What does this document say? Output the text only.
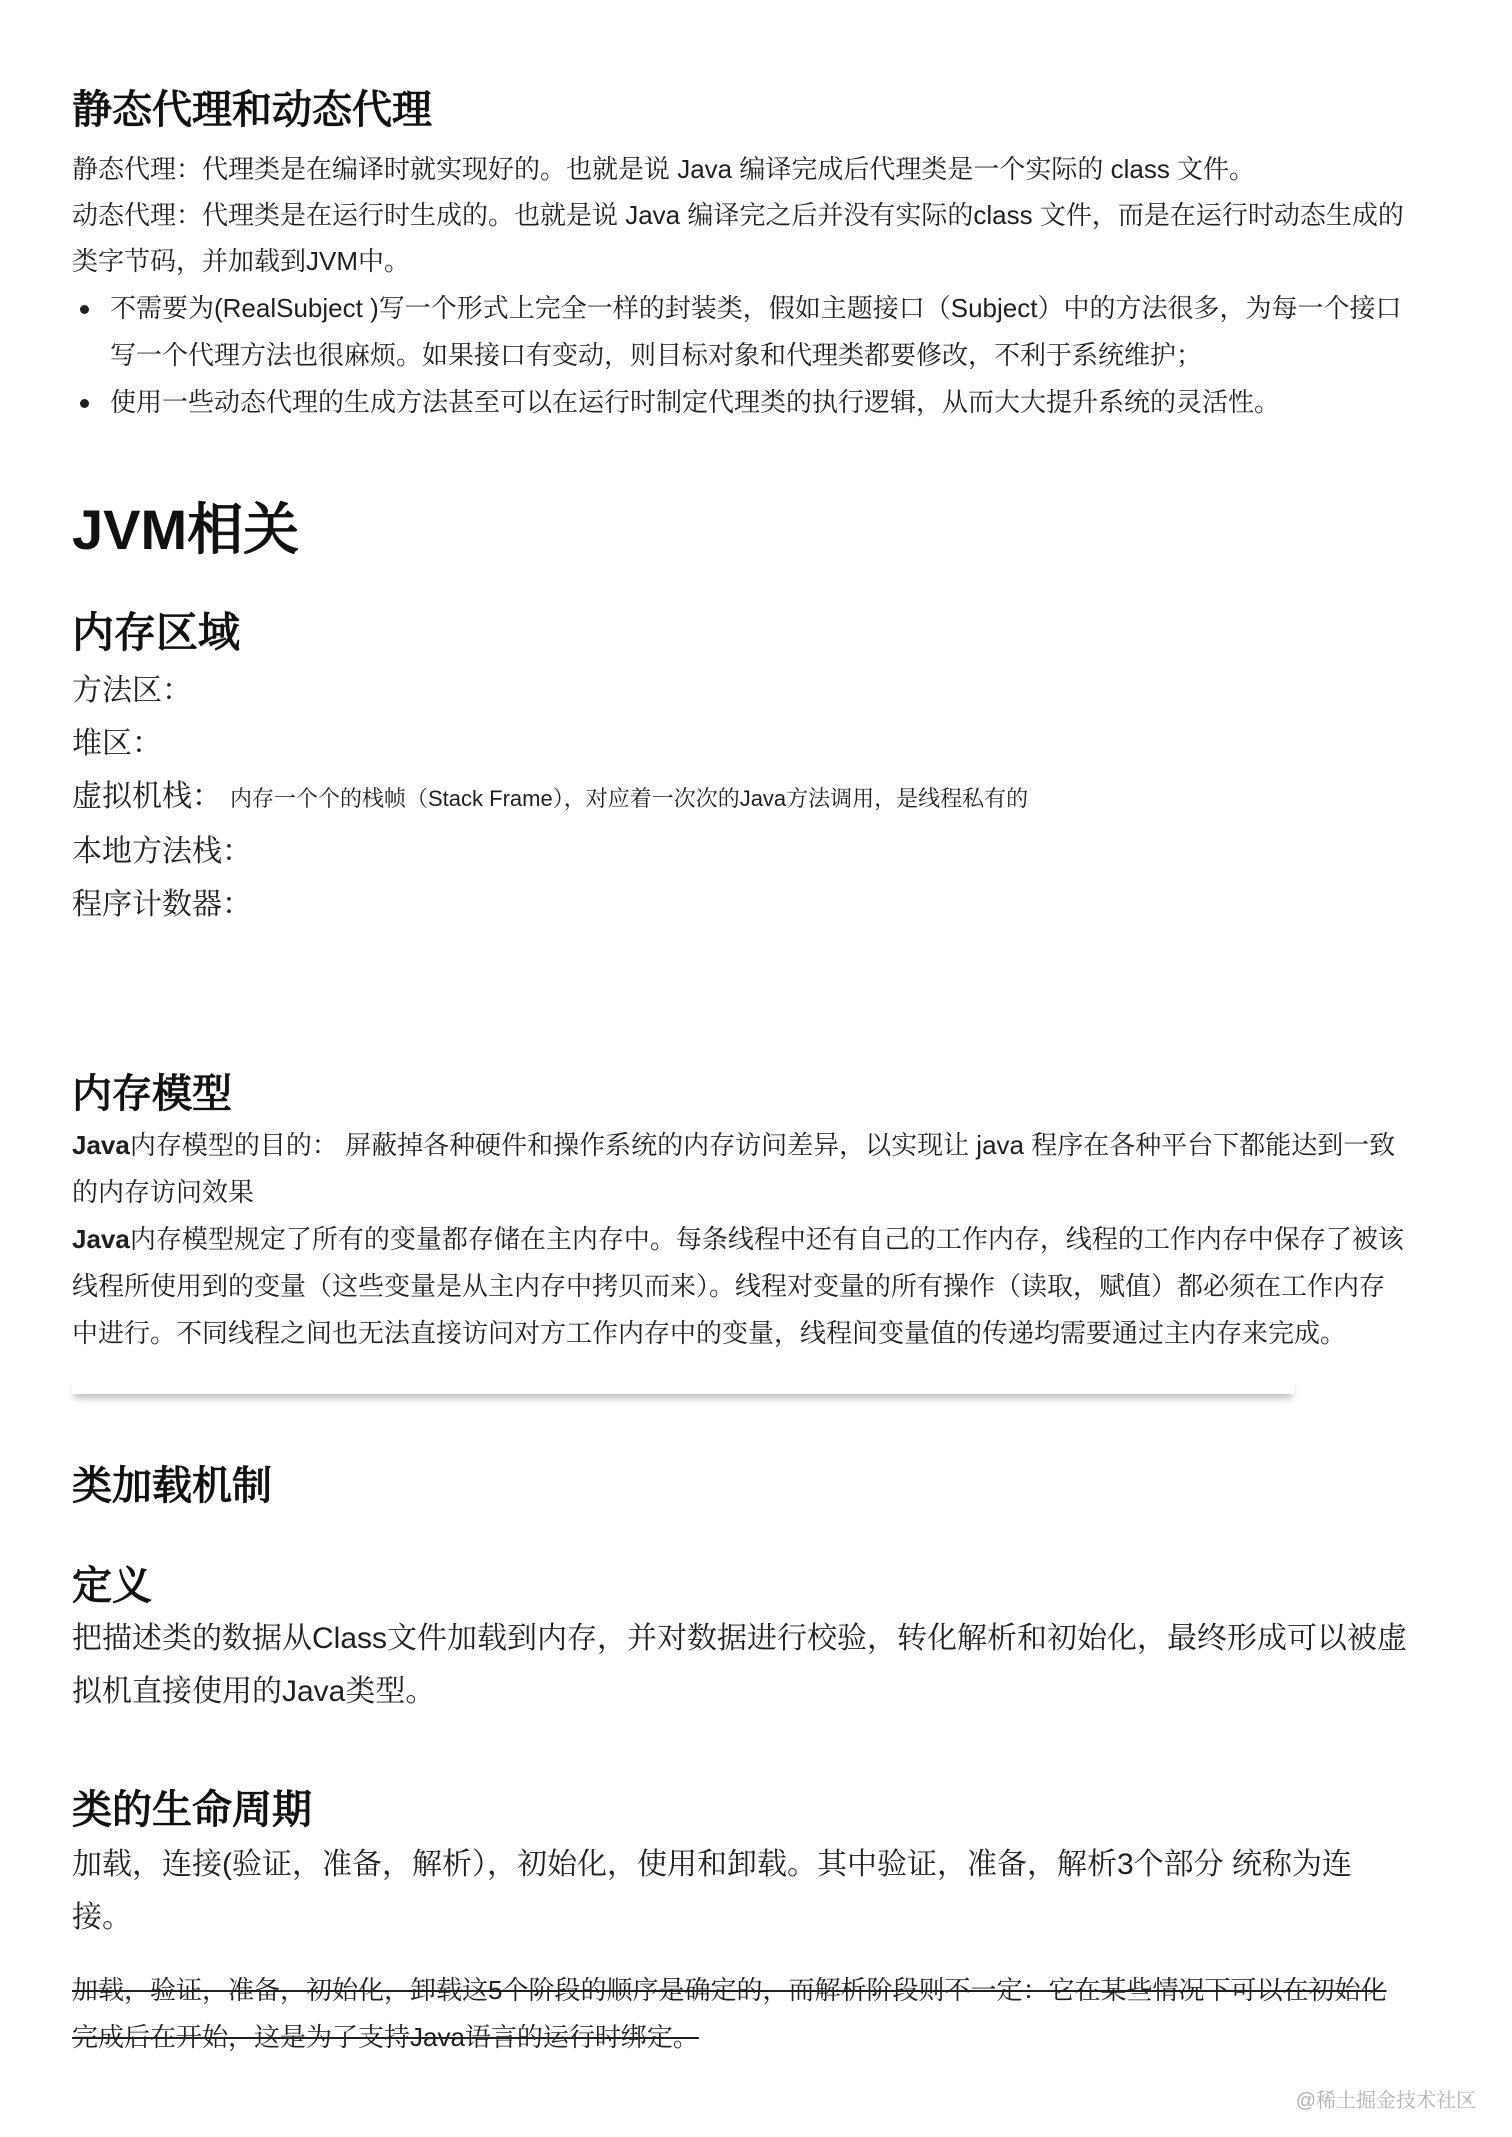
静态代理和动态代理

静态代理：代理类是在编译时就实现好的。也就是说 Java 编译完成后代理类是一个实际的 class 文件。

动态代理：代理类是在运行时生成的。也就是说 Java 编译完之后并没有实际的class 文件，而是在运行时动态生成的

类字节码，并加载到JVM中。

不需要为(RealSubject )写一个形式上完全一样的封装类，假如主题接口（Subject）中的方法很多，为每一个接口
写一个代理方法也很麻烦。如果接口有变动，则目标对象和代理类都要修改，不利于系统维护；
使用一些动态代理的生成方法甚至可以在运行时制定代理类的执行逻辑，从而大大提升系统的灵活性。
JVM相关
内存区域
方法区：
堆区：
虚拟机栈： 内存一个个的栈帧（Stack Frame），对应着一次次的Java方法调用，是线程私有的
本地方法栈：
程序计数器：
内存模型

Java内存模型的目的： 屏蔽掉各种硬件和操作系统的内存访问差异，以实现让 java 程序在各种平台下都能达到一致

的内存访问效果

Java内存模型规定了所有的变量都存储在主内存中。每条线程中还有自己的工作内存，线程的工作内存中保存了被该

线程所使用到的变量（这些变量是从主内存中拷贝而来）。线程对变量的所有操作（读取，赋值）都必须在工作内存

中进行。不同线程之间也无法直接访问对方工作内存中的变量，线程间变量值的传递均需要通过主内存来完成。

类加载机制
定义

把描述类的数据从Class文件加载到内存，并对数据进行校验，转化解析和初始化，最终形成可以被虚

拟机直接使用的Java类型。

类的生命周期

加载，连接(验证，准备，解析），初始化，使用和卸载。其中验证，准备，解析3个部分 统称为连

接。

加载，验证，准备，初始化，卸载这5个阶段的顺序是确定的，而解析阶段则不一定：它在某些情况下可以在初始化

完成后在开始，这是为了支持Java语言的运行时绑定。

@稀土掘金技术社区
